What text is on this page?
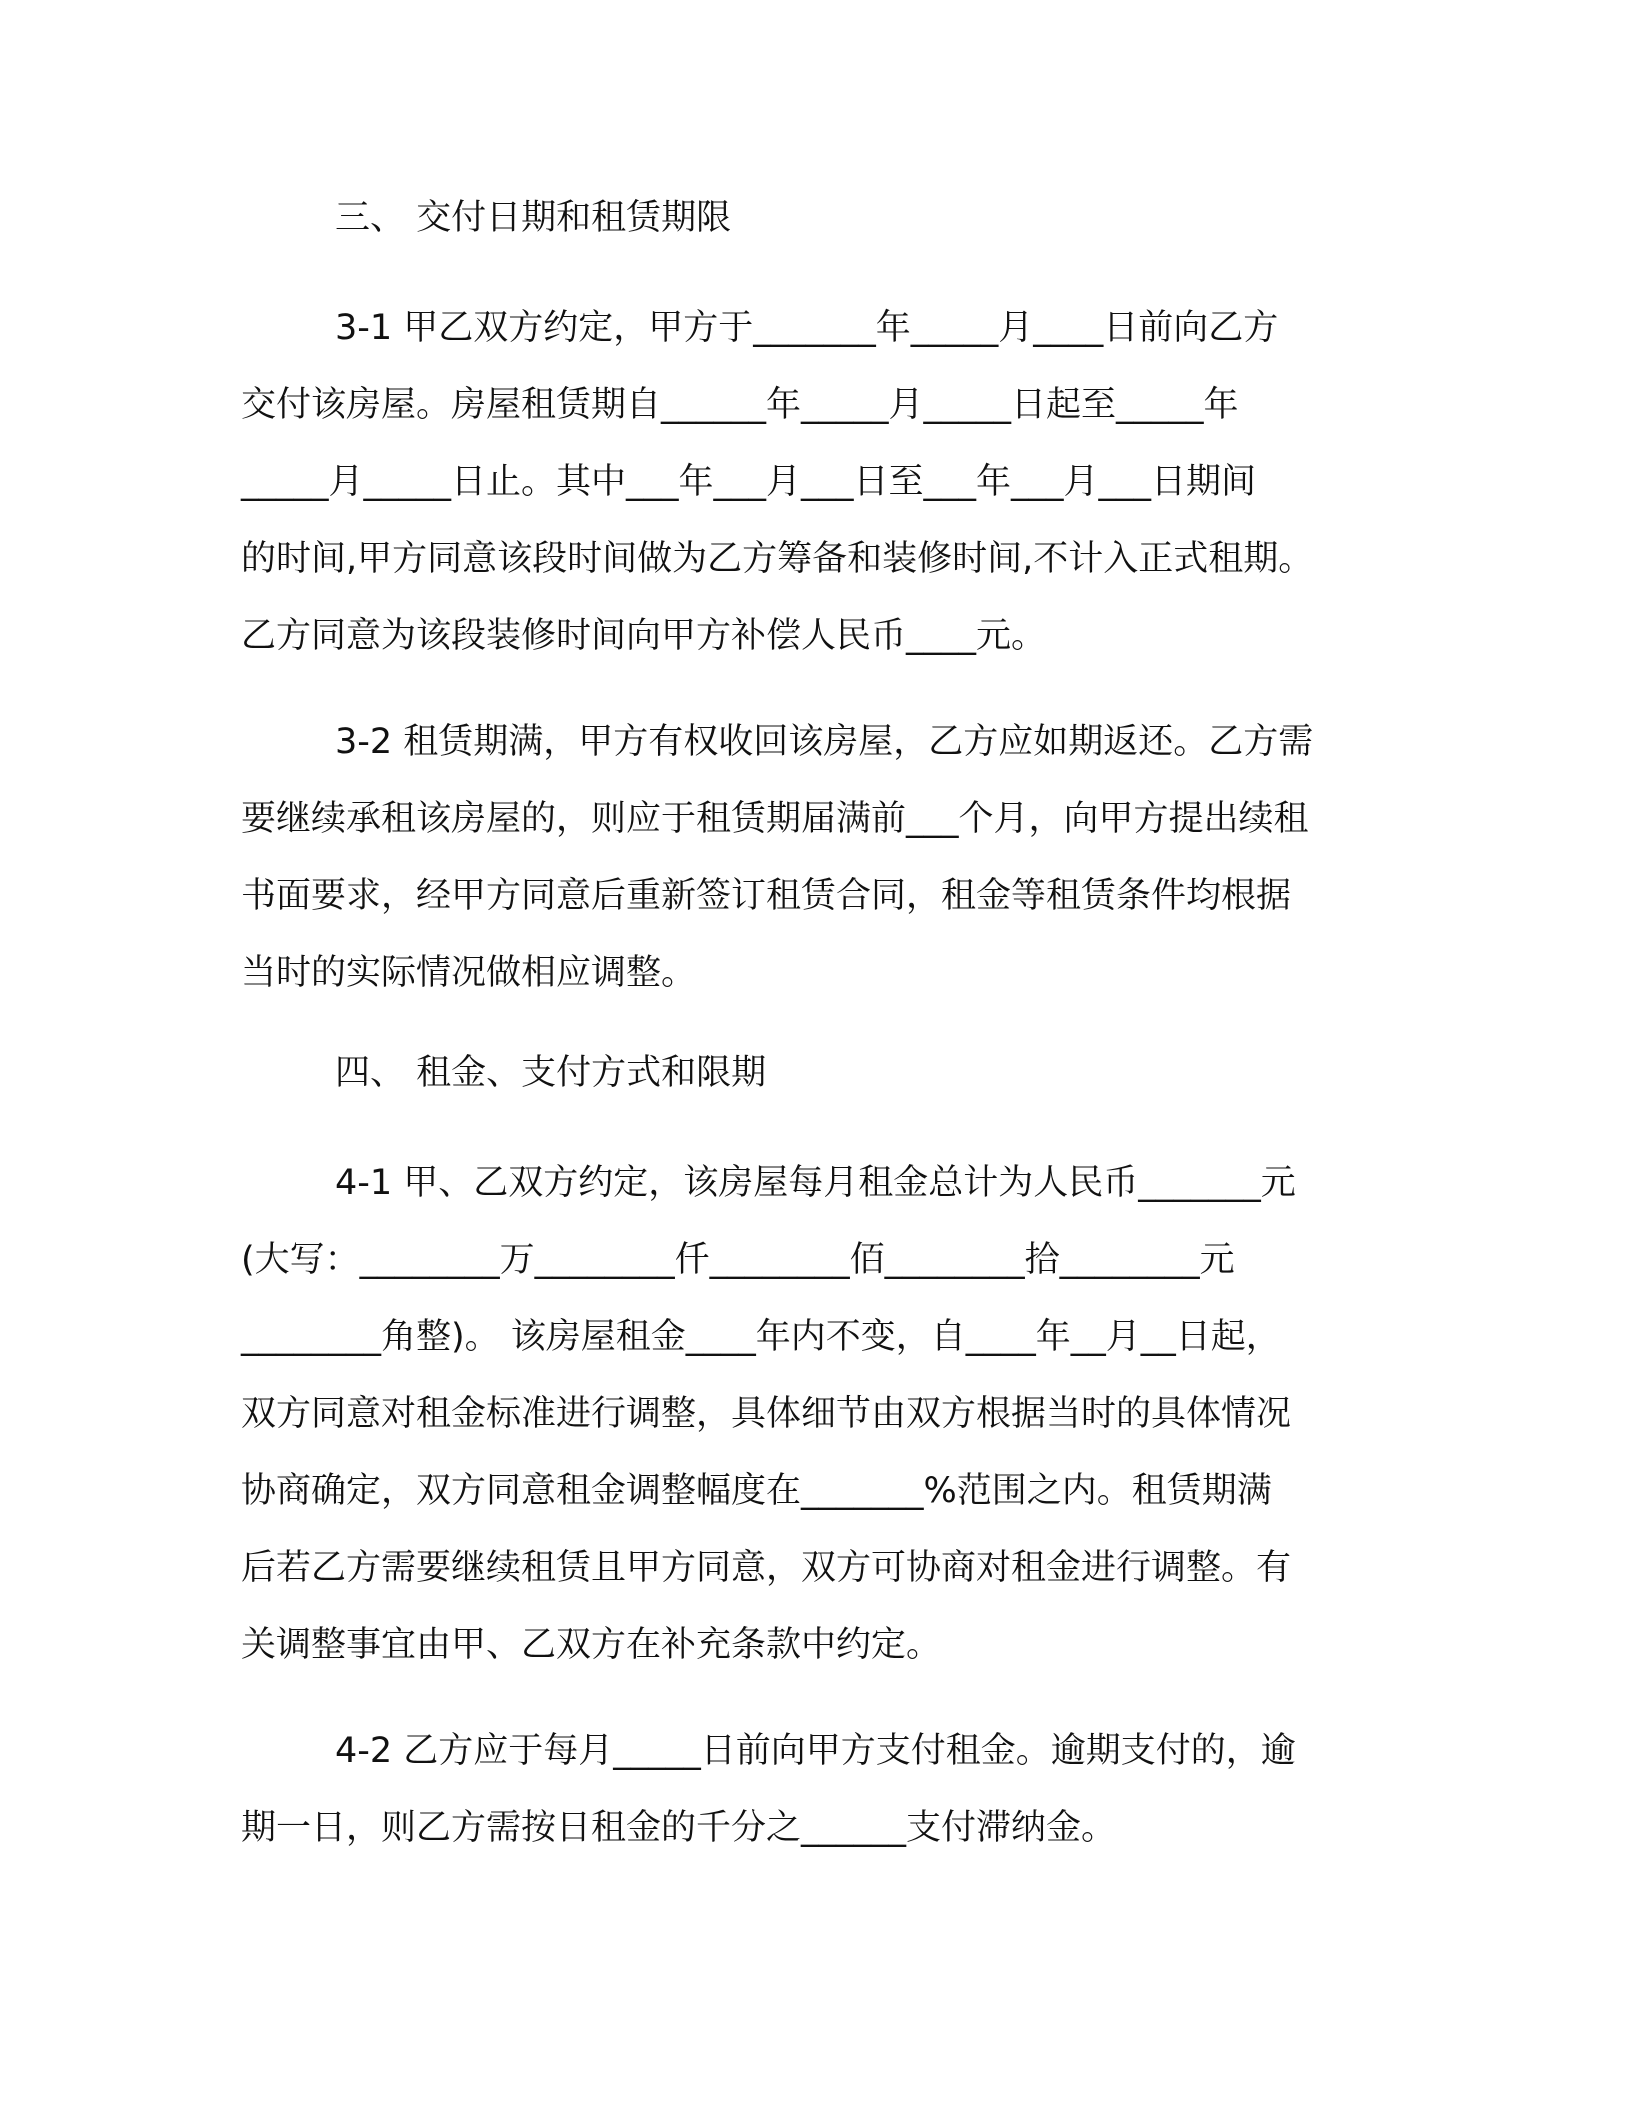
三、 交付日期和租赁期限

3-1 甲乙双方约定，甲方于_______年_____月____日前向乙方
交付该房屋。房屋租赁期自______年_____月_____日起至_____年
_____月_____日止。其中___年___月___日至___年___月___日期间
的时间,甲方同意该段时间做为乙方筹备和装修时间,不计入正式租期。
乙方同意为该段装修时间向甲方补偿人民币____元。
3-2 租赁期满，甲方有权收回该房屋，乙方应如期返还。乙方需
要继续承租该房屋的，则应于租赁期届满前___个月，向甲方提出续租
书面要求，经甲方同意后重新签订租赁合同，租金等租赁条件均根据
当时的实际情况做相应调整。

四、 租金、支付方式和限期

4-1 甲、乙双方约定，该房屋每月租金总计为人民币_______元
(大写：________万________仟________佰________拾________元
________角整)。 该房屋租金____年内不变，自____年__月__日起，
双方同意对租金标准进行调整，具体细节由双方根据当时的具体情况
协商确定，双方同意租金调整幅度在_______%范围之内。租赁期满
后若乙方需要继续租赁且甲方同意，双方可协商对租金进行调整。有
关调整事宜由甲、乙双方在补充条款中约定。
4-2 乙方应于每月_____日前向甲方支付租金。逾期支付的，逾
期一日，则乙方需按日租金的千分之______支付滞纳金。
